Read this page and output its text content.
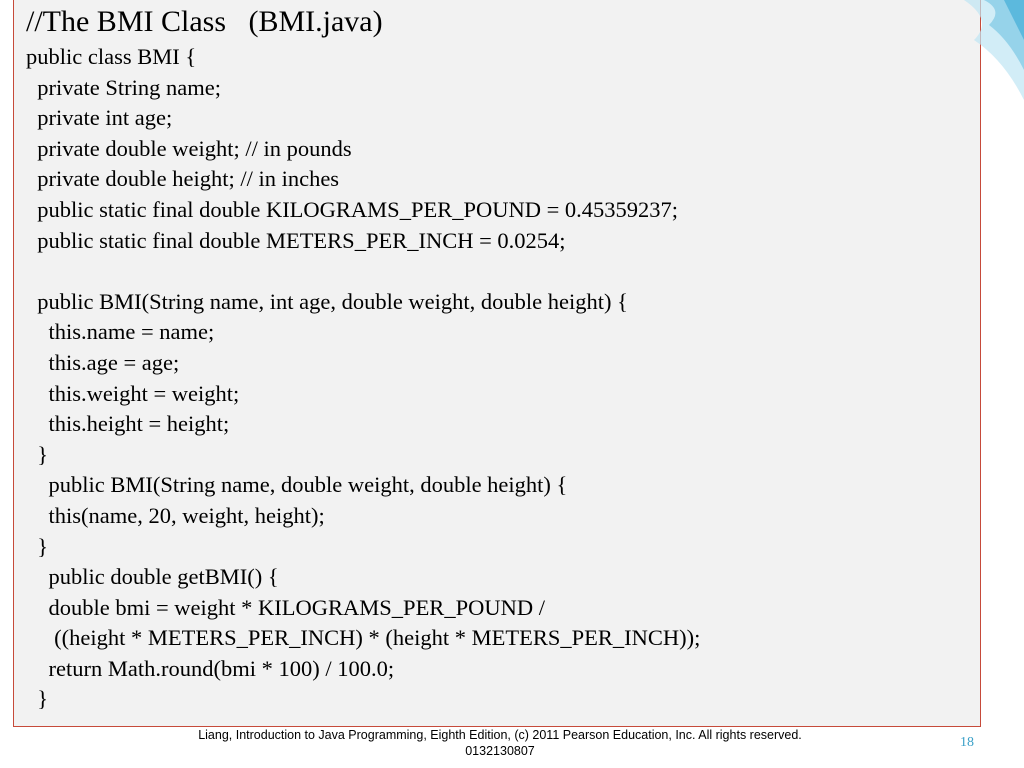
//The BMI Class   (BMI.java)
public class BMI {
private String name;
private int age;
private double weight; // in pounds
private double height; // in inches
public static final double KILOGRAMS_PER_POUND = 0.45359237;
public static final double METERS_PER_INCH = 0.0254;

public BMI(String name, int age, double weight, double height) {
this.name = name;
this.age = age;
this.weight = weight;
this.height = height;
}
public BMI(String name, double weight, double height) {
this(name, 20, weight, height);
}
public double getBMI() {
double bmi = weight * KILOGRAMS_PER_POUND /
((height * METERS_PER_INCH) * (height * METERS_PER_INCH));
return Math.round(bmi * 100) / 100.0;
}
Liang, Introduction to Java Programming, Eighth Edition, (c) 2011 Pearson Education, Inc. All rights reserved. 0132130807
18
